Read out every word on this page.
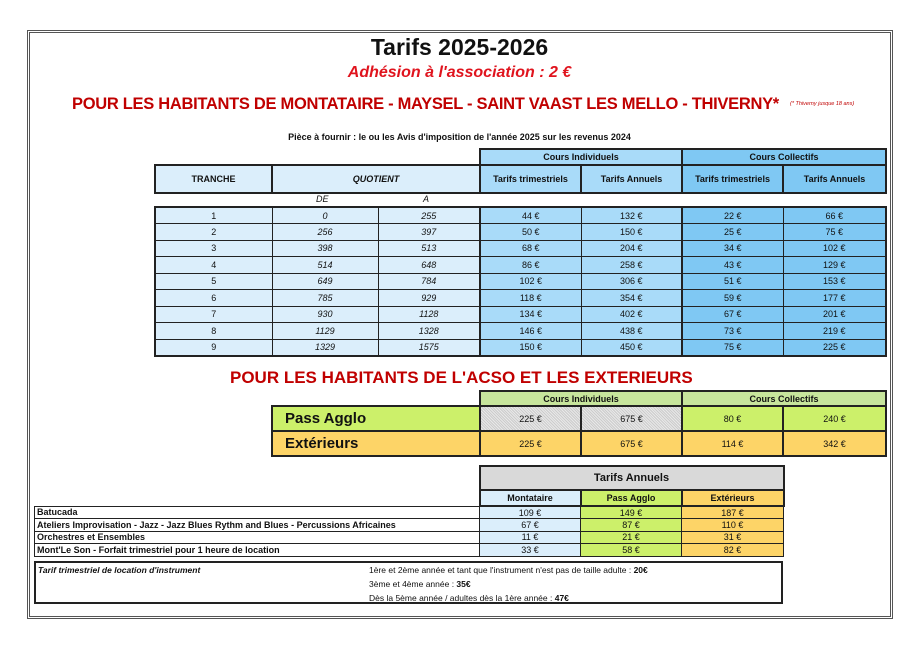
Tarifs 2025-2026
Adhésion à l'association : 2 €
POUR LES HABITANTS DE MONTATAIRE - MAYSEL - SAINT VAAST LES MELLO - THIVERNY* (* Thiverny jusque 18 ans)
Pièce à fournir : le ou les Avis d'imposition de l'année 2025 sur les revenus 2024
		Cours Individuels		Cours Collectifs	
TRANCHE	QUOTIENT	Tarifs trimestriels	Tarifs Annuels	Tarifs trimestriels	Tarifs Annuels
DE	A
1	0	255	44 €	132 €	22 €	66 €
2	256	397	50 €	150 €	25 €	75 €
3	398	513	68 €	204 €	34 €	102 €
4	514	648	86 €	258 €	43 €	129 €
5	649	784	102 €	306 €	51 €	153 €
6	785	929	118 €	354 €	59 €	177 €
7	930	1128	134 €	402 €	67 €	201 €
8	1129	1328	146 €	438 €	73 €	219 €
9	1329	1575	150 €	450 €	75 €	225 €
POUR LES HABITANTS DE L'ACSO ET LES EXTERIEURS
	Cours Individuels		Cours Collectifs	
Pass Agglo	225 €	675 €	80 €	240 €
Extérieurs	225 €	675 €	114 €	342 €
	Tarifs Annuels		
	Montataire	Pass Agglo	Extérieurs
Batucada	109 €	149 €	187 €
Ateliers Improvisation - Jazz - Jazz Blues Rythm and Blues - Percussions Africaines	67 €	87 €	110 €
Orchestres et Ensembles	11 €	21 €	31 €
Mont'Le Son - Forfait trimestriel pour 1 heure de location	33 €	58 €	82 €
Tarif trimestriel de location d'instrument	1ère et 2ème année et tant que l'instrument n'est pas de taille adulte : 20€
3ème et 4ème année : 35€
Dès la 5ème année / adultes dès la 1ère année : 47€
